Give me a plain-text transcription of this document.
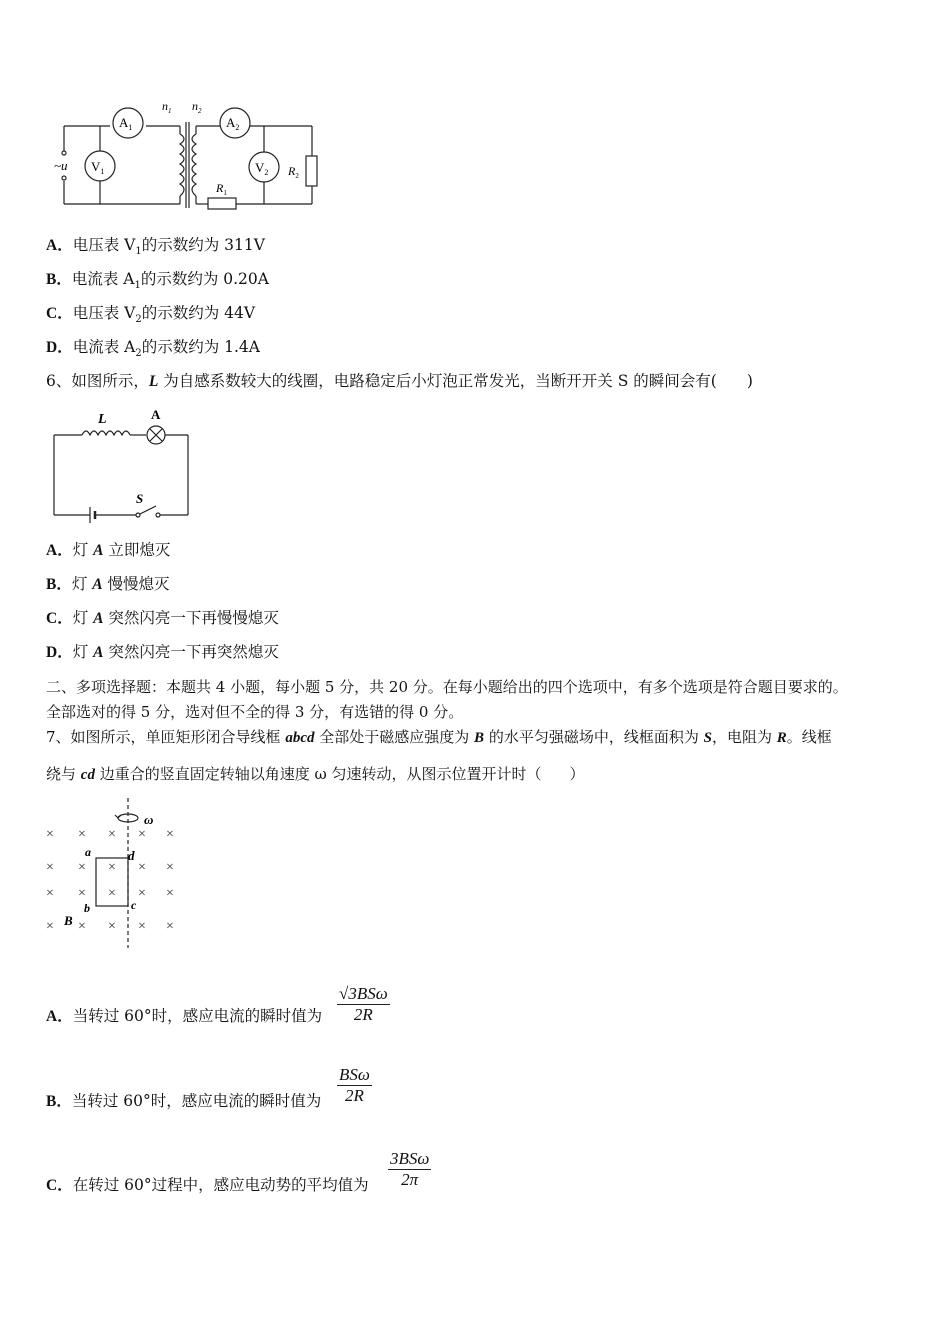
$A_1$	$A_2$
$V_1$	$V_2$
$n_1$ $n_2$
$R_1$
$R_2$
~u
A．电压表 $V_1$的示数约为 311V
B．电流表 $A_1$的示数约为 0.20A
C．电压表 $V_2$的示数约为 44V
D．电流表 $A_2$的示数约为 1.4A
6、如图所示，L 为自感系数较大的线圈，电路稳定后小灯泡正常发光，当断开开关 S 的瞬间会有( )
L	A
S
A．灯 A 立即熄灭
B．灯 A 慢慢熄灭
C．灯 A 突然闪亮一下再慢慢熄灭
D．灯 A 突然闪亮一下再突然熄灭
二、多项选择题：本题共 4 小题，每小题 5 分，共 20 分。在每小题给出的四个选项中，有多个选项是符合题目要求的。
全部选对的得 5 分，选对但不全的得 3 分，有选错的得 0 分。
7、如图所示，单匝矩形闭合导线框 abcd 全部处于磁感应强度为 B 的水平匀强磁场中，线框面积为 S，电阻为 R。线框
绕与 cd 边重合的竖直固定转轴以角速度 ω 匀速转动，从图示位置开计时（ ）
× × × × ×
× × × × ×
× × × × ×
× × × × ×
ω
a	d
b	c
B
A．当转过 60°时，感应电流的瞬时值为
√3BSω
2R
B．当转过 60°时，感应电流的瞬时值为
BSω
2R
C．在转过 60°过程中，感应电动势的平均值为
3BSω
2π
